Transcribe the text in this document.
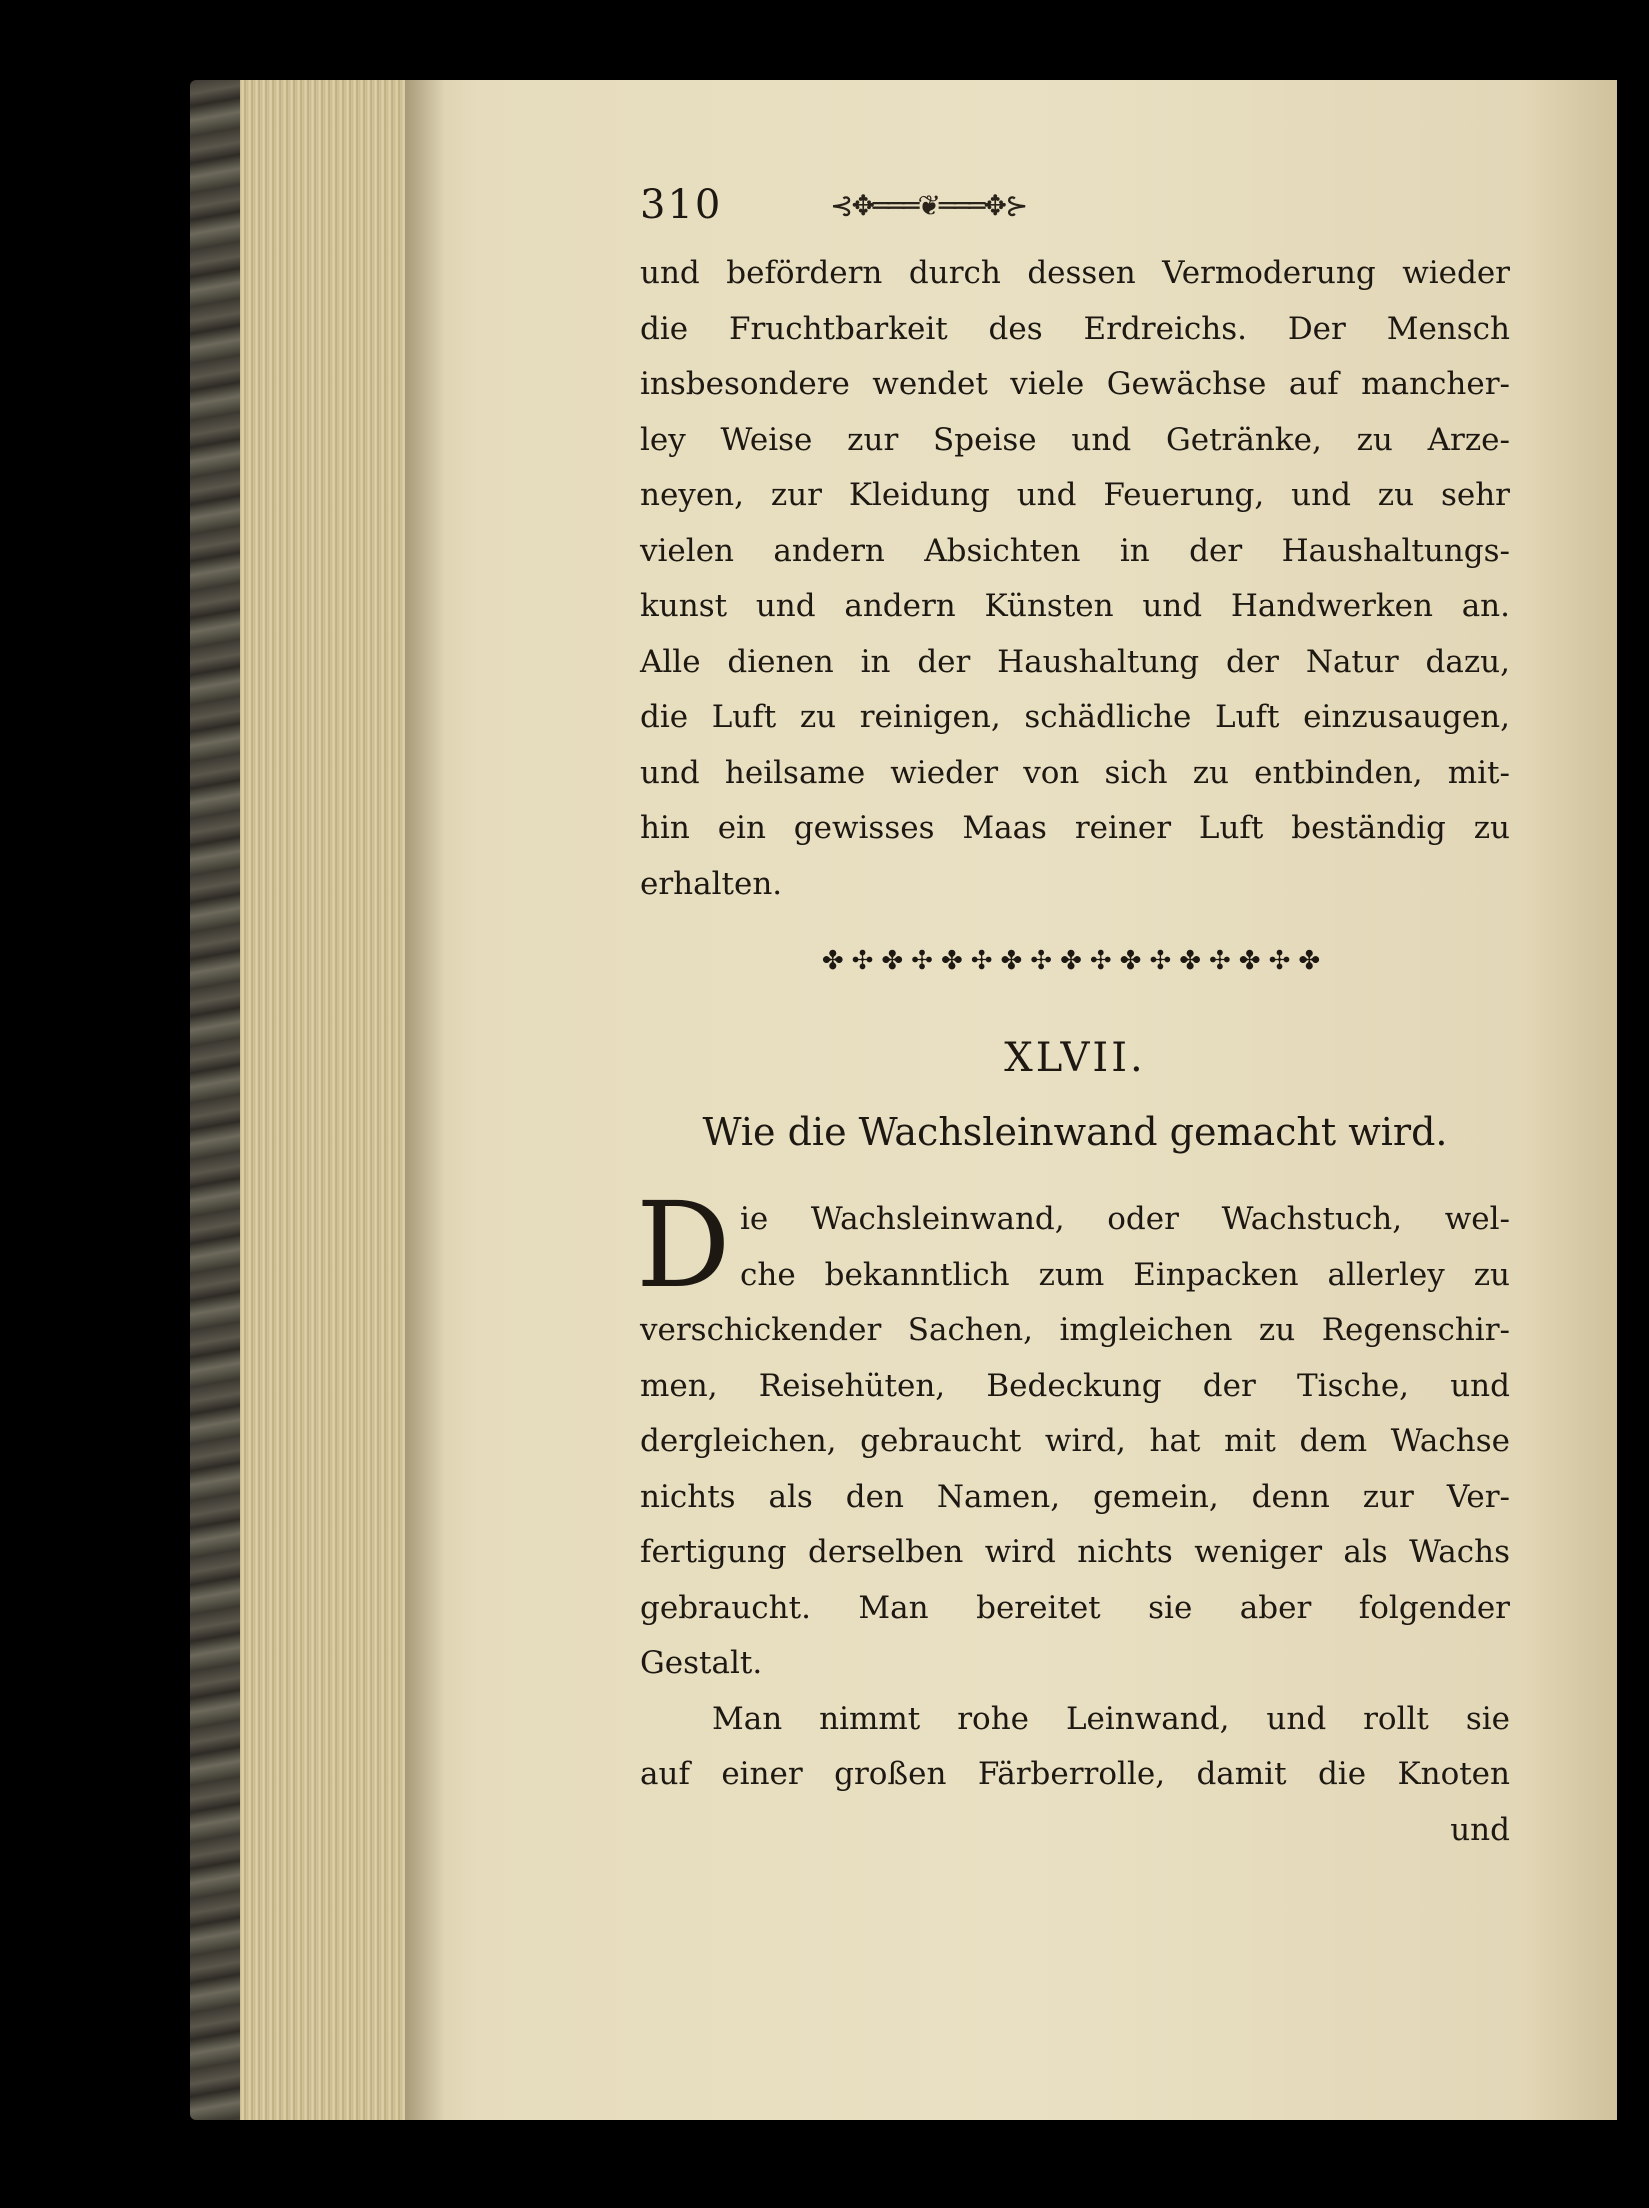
310	⊰✥═══❦═══✥⊱

und befördern durch dessen Vermoderung wieder
die Fruchtbarkeit des Erdreichs. Der Mensch
insbesondere wendet viele Gewächse auf mancher-
ley Weise zur Speise und Getränke, zu Arze-
neyen, zur Kleidung und Feuerung, und zu sehr
vielen andern Absichten in der Haushaltungs-
kunst und andern Künsten und Handwerken an.
Alle dienen in der Haushaltung der Natur dazu,
die Luft zu reinigen, schädliche Luft einzusaugen,
und heilsame wieder von sich zu entbinden, mit-
hin ein gewisses Maas reiner Luft beständig zu
erhalten.

✤✣✤✣✤✣✤✣✤✣✤✣✤✣✤✣✤
XLVII.
Wie die Wachsleinwand gemacht wird.
D ie Wachsleinwand, oder Wachstuch, wel-
che bekanntlich zum Einpacken allerley zu
verschickender Sachen, imgleichen zu Regenschir-
men, Reisehüten, Bedeckung der Tische, und
dergleichen, gebraucht wird, hat mit dem Wachse
nichts als den Namen, gemein, denn zur Ver-
fertigung derselben wird nichts weniger als Wachs
gebraucht. Man bereitet sie aber folgender
Gestalt.

Man nimmt rohe Leinwand, und rollt sie
auf einer großen Färberrolle, damit die Knoten

und
